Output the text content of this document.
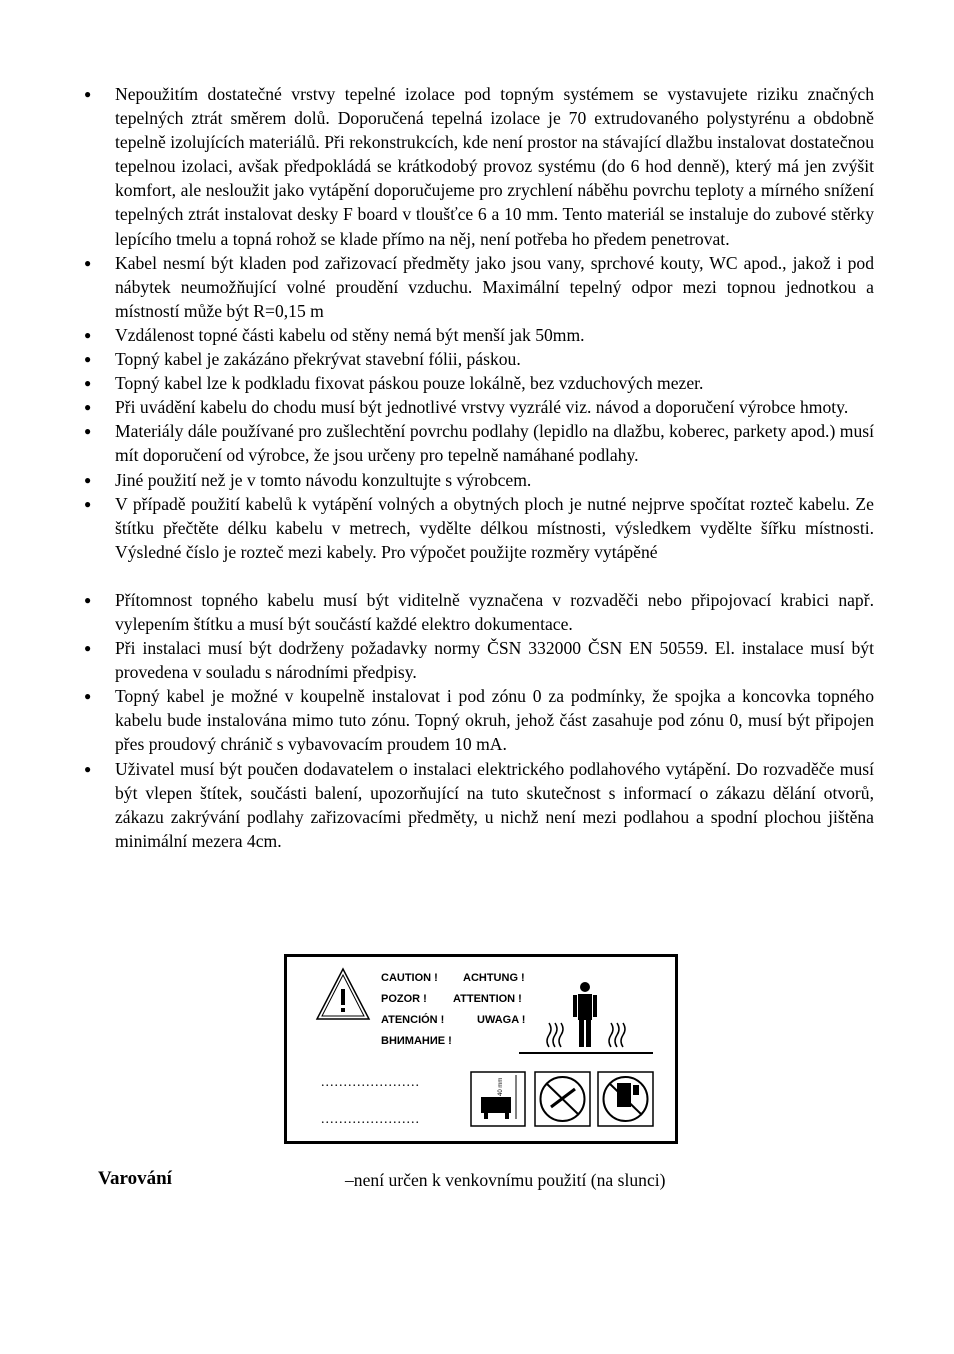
● Nepoužitím dostatečné vrstvy tepelné izolace pod topným systémem se vystavujete riziku značných tepelných ztrát směrem dolů. Doporučená tepelná izolace je 70 extrudovaného polystyrénu a obdobně tepelně izolujících materiálů. Při rekonstrukcích, kde není prostor na stávající dlažbu instalovat dostatečnou tepelnou izolaci, avšak předpokládá se krátkodobý provoz systému (do 6 hod denně), který má jen zvýšit komfort, ale nesloužit jako vytápění doporučujeme pro zrychlení náběhu povrchu teploty a mírného snížení tepelných ztrát instalovat desky F board v tloušťce 6 a 10 mm. Tento materiál se instaluje do zubové stěrky lepícího tmelu a topná rohož se klade přímo na něj, není potřeba ho předem penetrovat.
● Kabel nesmí být kladen pod zařizovací předměty jako jsou vany, sprchové kouty, WC apod., jakož i pod nábytek neumožňující volné proudění vzduchu. Maximální tepelný odpor mezi topnou jednotkou a místností může být R=0,15 m
● Vzdálenost topné části kabelu od stěny nemá být menší jak 50mm.
● Topný kabel je zakázáno překrývat stavební fólii, páskou.
● Topný kabel lze k podkladu fixovat páskou pouze lokálně, bez vzduchových mezer.
● Při uvádění kabelu do chodu musí být jednotlivé vrstvy vyzrálé viz. návod a doporučení výrobce hmoty.
● Materiály dále používané pro zušlechtění povrchu podlahy (lepidlo na dlažbu, koberec, parkety apod.) musí mít doporučení od výrobce, že jsou určeny pro tepelně namáhané podlahy.
● Jiné použití než je v tomto návodu konzultujte s výrobcem.
● V případě použití kabelů k vytápění volných a obytných ploch je nutné nejprve spočítat rozteč kabelu. Ze štítku přečtěte délku kabelu v metrech, vydělte délkou místnosti, výsledkem vydělte šířku místnosti. Výsledné číslo je rozteč mezi kabely. Pro výpočet použijte rozměry vytápěné
● Přítomnost topného kabelu musí být viditelně vyznačena v rozvaděči nebo připojovací krabici např. vylepením štítku a musí být součástí každé elektro dokumentace.
● Při instalaci musí být dodrženy požadavky normy ČSN 332000 ČSN EN 50559. El. instalace musí být provedena v souladu s národními předpisy.
● Topný kabel je možné v koupelně instalovat i pod zónu 0 za podmínky, že spojka a koncovka topného kabelu bude instalována mimo tuto zónu. Topný okruh, jehož část zasahuje pod zónu 0, musí být připojen přes proudový chránič s vybavovacím proudem 10 mA.
● Uživatel musí být poučen dodavatelem o instalaci elektrického podlahového vytápění. Do rozvaděče musí být vlepen štítek, součásti balení, upozorňující na tuto skutečnost s informací o zákazu dělání otvorů, zákazu zakrývání podlahy zařizovacími předměty, u nichž není mezi podlahou a spodní plochou jištěna minimální mezera 4cm.
CAUTION ! ACHTUNG !
POZOR ! ATTENTION !
ATENCIÓN !	UWAGA !
ВНИМАНИЕ !
......................
......................
min. 40 mm
Varování	–není určen k venkovnímu použití (na slunci)
